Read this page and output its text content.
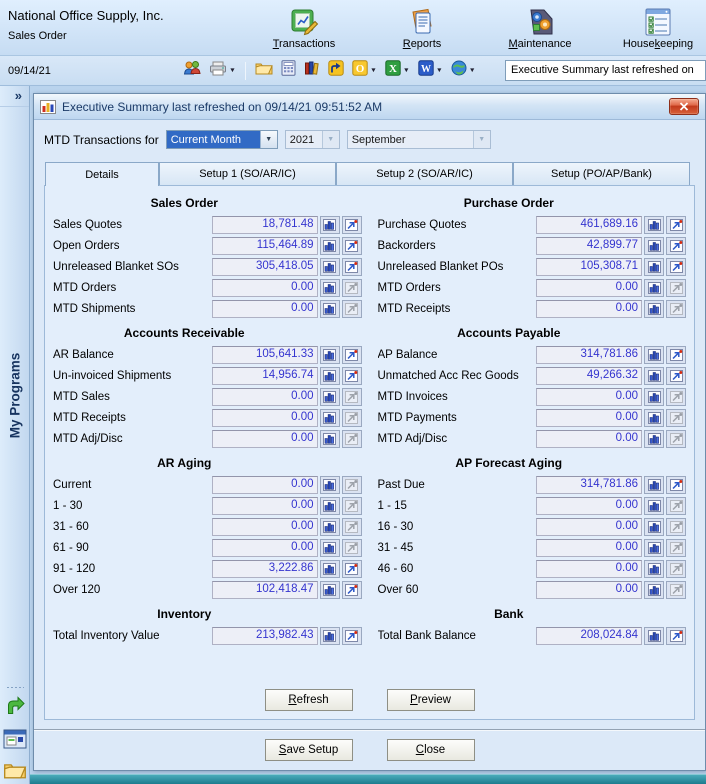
National Office Supply, Inc.
Sales Order
Transactions	Reports	Maintenance	Housekeeping
09/14/21	▼	O ▼ X ▼ W ▼	▼	Executive Summary last refreshed on
»
My Programs
Executive Summary last refreshed on 09/14/21 09:51:52 AM
MTD Transactions for	Current Month	▼	2021	▼	September	▼
Details	Setup 1 (SO/AR/IC)	Setup 2 (SO/AR/IC)	Setup (PO/AP/Bank)
Sales Order
Sales Quotes	18,781.48
Open Orders	115,464.89
Unreleased Blanket SOs	305,418.05
MTD Orders	0.00
MTD Shipments	0.00
Accounts Receivable
AR Balance	105,641.33
Un-invoiced Shipments	14,956.74
MTD Sales	0.00
MTD Receipts	0.00
MTD Adj/Disc	0.00
AR Aging
Current	0.00
1 - 30	0.00
31 - 60	0.00
61 - 90	0.00
91 - 120	3,222.86
Over 120	102,418.47
Inventory
Total Inventory Value	213,982.43
Purchase Order
Purchase Quotes	461,689.16
Backorders	42,899.77
Unreleased Blanket POs	105,308.71
MTD Orders	0.00
MTD Receipts	0.00
Accounts Payable
AP Balance	314,781.86
Unmatched Acc Rec Goods	49,266.32
MTD Invoices	0.00
MTD Payments	0.00
MTD Adj/Disc	0.00
AP Forecast Aging
Past Due	314,781.86
1 - 15	0.00
16 - 30	0.00
31 - 45	0.00
46 - 60	0.00
Over 60	0.00
Bank
Total Bank Balance	208,024.84
R efresh	P review
S ave Setup	C lose
